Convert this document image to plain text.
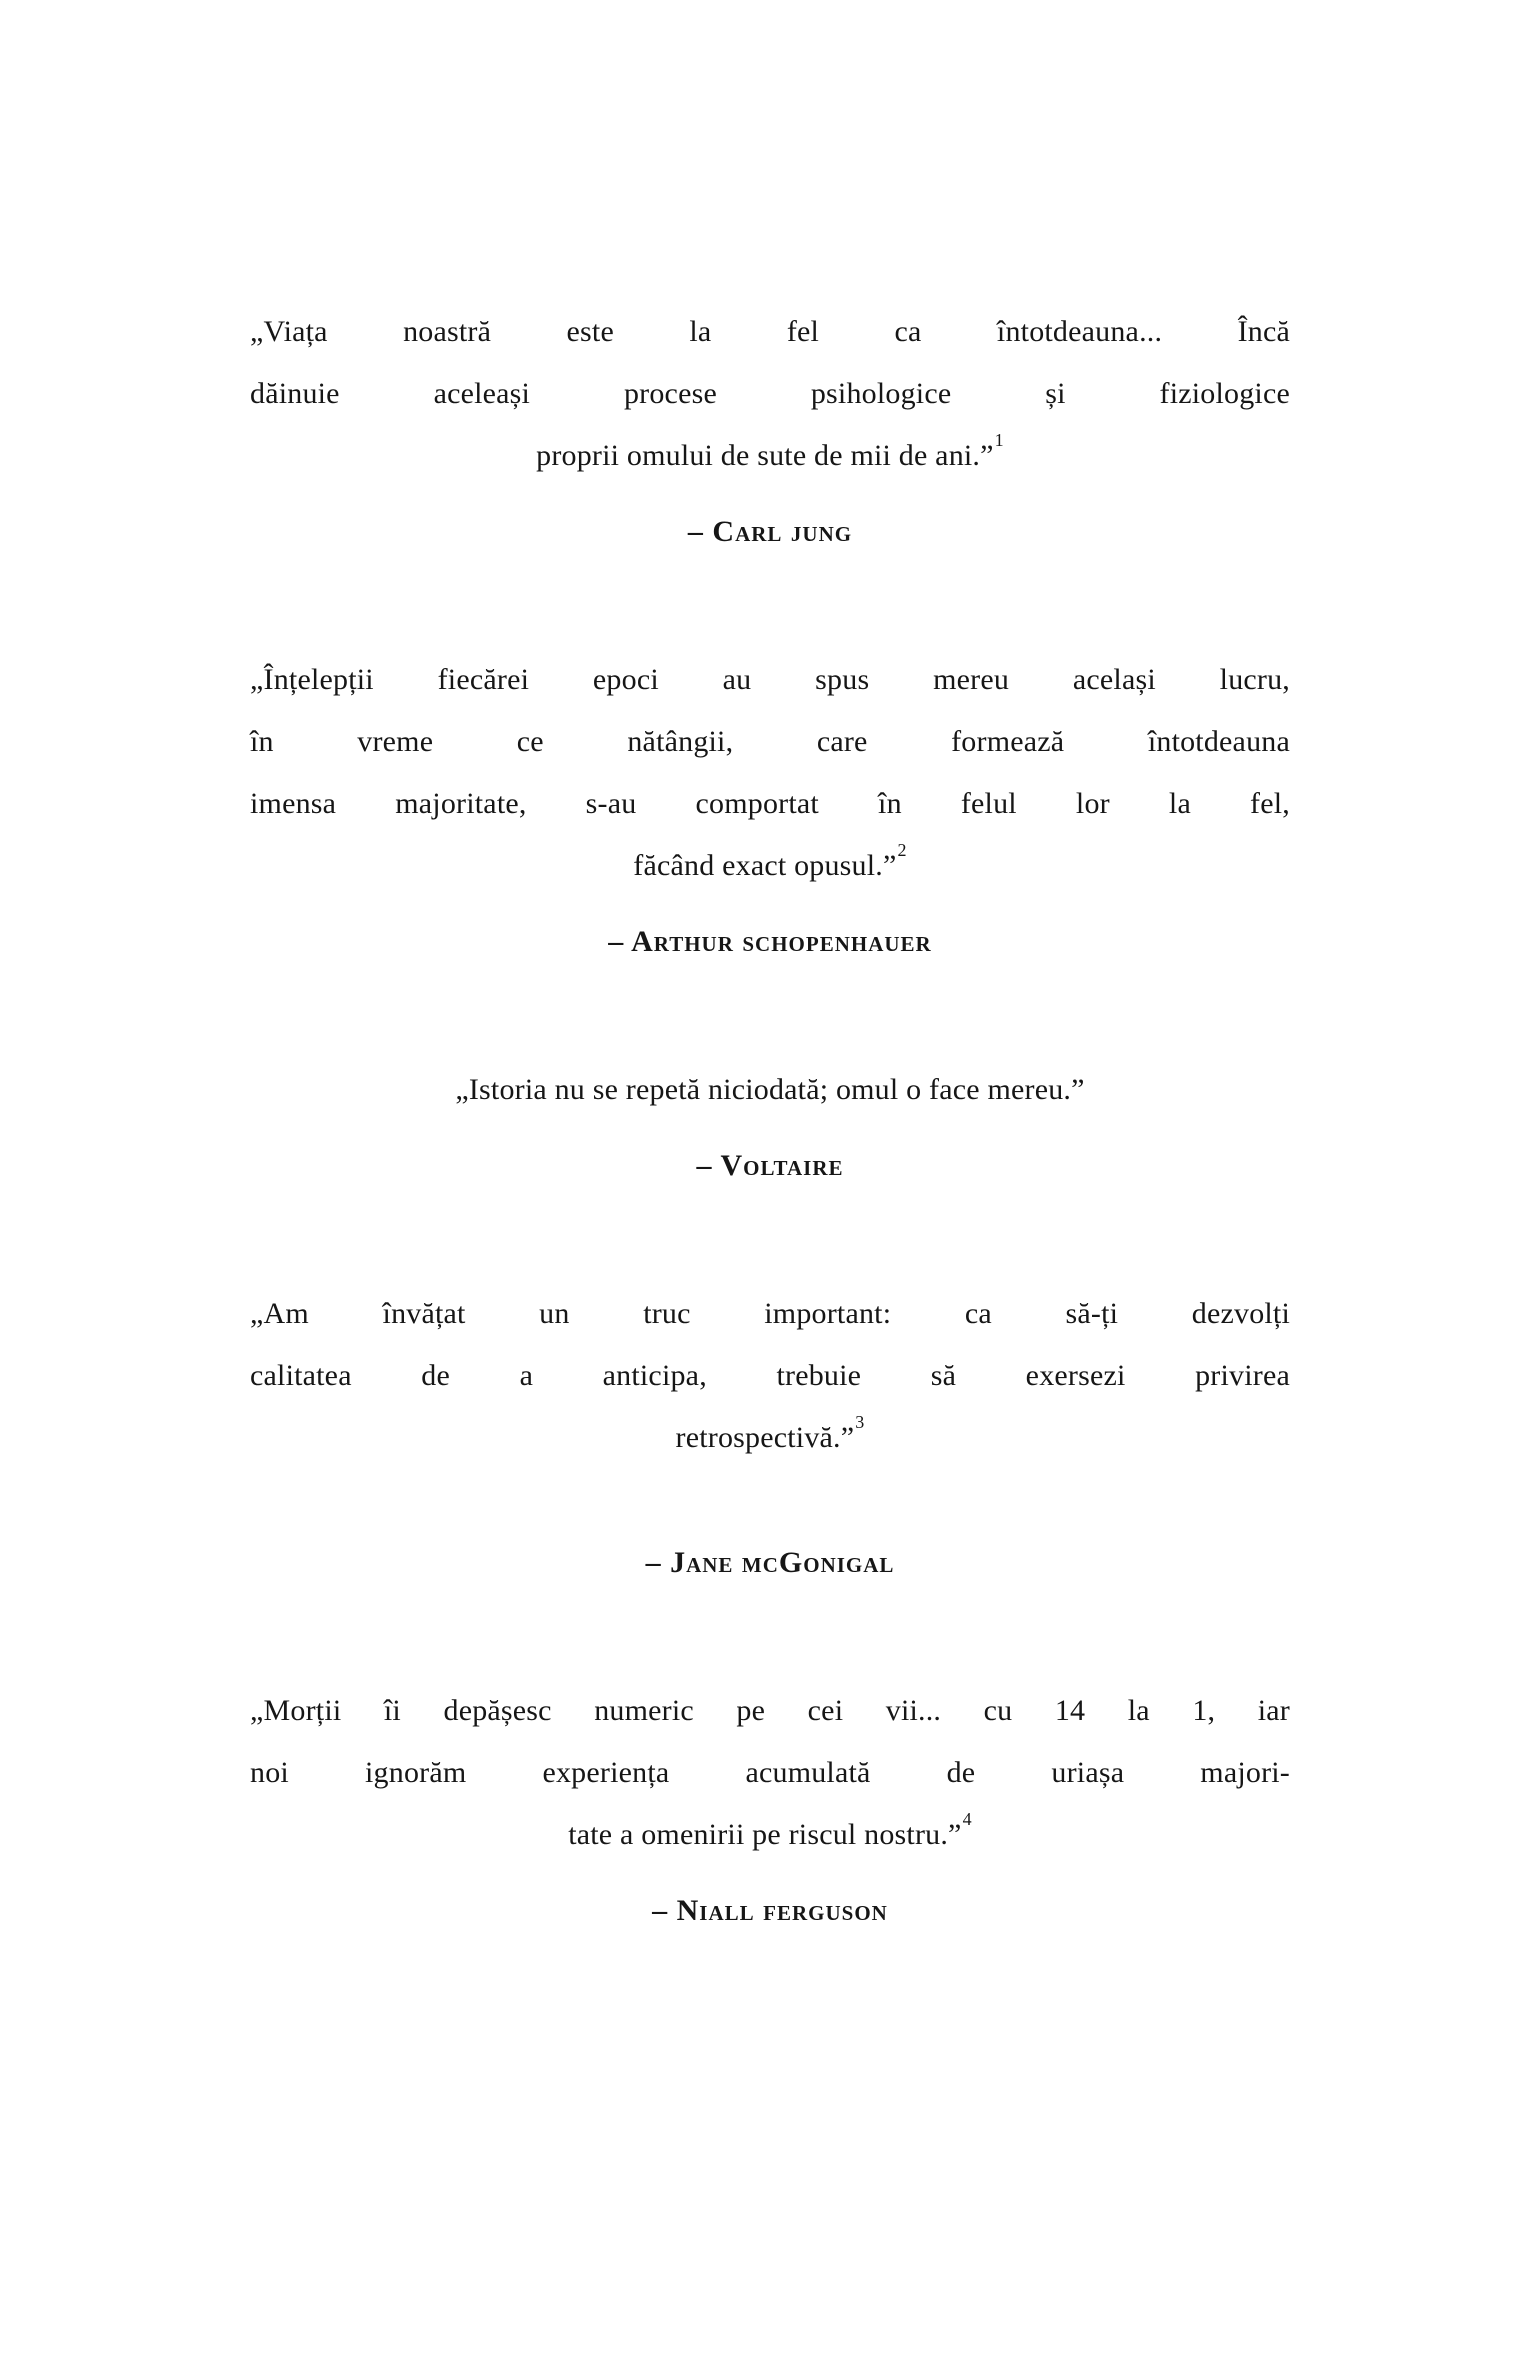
„Viața noastră este la fel ca întotdeauna... Încă
dăinuie aceleași procese psihologice și fiziologice
proprii omului de sute de mii de ani.”$^1$
– Carl jung
„Înțelepții fiecărei epoci au spus mereu același lucru,
în vreme ce nătângii, care formează întotdeauna
imensa majoritate, s-au comportat în felul lor la fel,
făcând exact opusul.”$^2$
– Arthur schopenhauer
„Istoria nu se repetă niciodată; omul o face mereu.”
– Voltaire
„Am învățat un truc important: ca să-ți dezvolți
calitatea de a anticipa, trebuie să exersezi privirea
retrospectivă.”$^3$
– Jane mcGonigal
„Morții îi depășesc numeric pe cei vii... cu 14 la 1, iar
noi ignorăm experiența acumulată de uriașa majori-
tate a omenirii pe riscul nostru.”$^4$
– Niall ferguson
